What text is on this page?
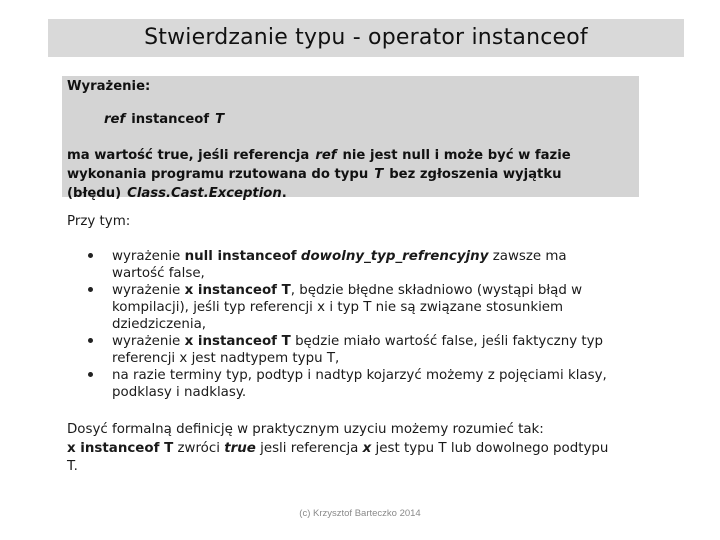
Stwierdzanie typu - operator instanceof
Wyrażenie:
ref instanceof T
ma wartość true, jeśli referencja ref nie jest null i może być w fazie
wykonania programu rzutowana do typu T bez zgłoszenia wyjątku
(błędu) Class.Cast.Exception.
Przy tym:
wyrażenie null instanceof dowolny_typ_refrencyjny zawsze ma
wartość false,
wyrażenie x instanceof T, będzie błędne składniowo (wystąpi błąd w
kompilacji), jeśli typ referencji x i typ T nie są związane stosunkiem
dziedziczenia,
wyrażenie x instanceof T będzie miało wartość false, jeśli faktyczny typ
referencji x jest nadtypem typu T,
na razie terminy typ, podtyp i nadtyp kojarzyć możemy z pojęciami klasy,
podklasy i nadklasy.
Dosyć formalną definicję w praktycznym uzyciu możemy rozumieć tak:
x instanceof T zwróci true jesli referencja x jest typu T lub dowolnego podtypu
T.
(c) Krzysztof Barteczko 2014
